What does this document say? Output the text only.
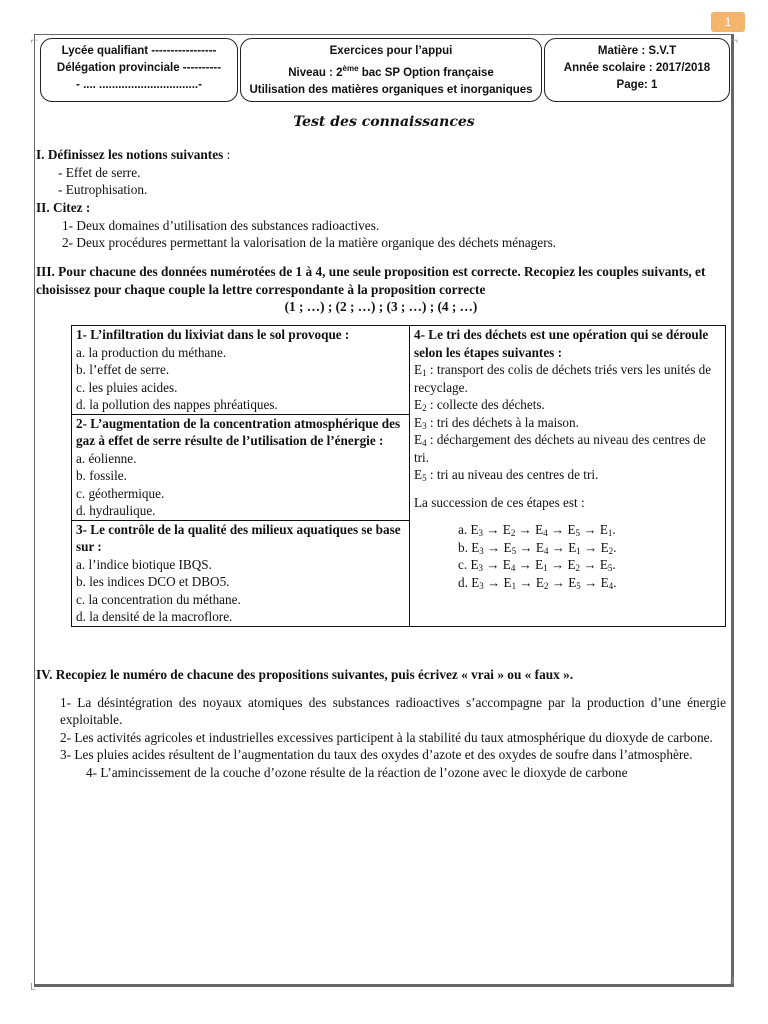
1
⌐	¬
L	┘
Lycée qualifiant -----------------
Délégation provinciale ----------
- .... ...............................-
Exercices pour l’appui
Niveau : 2ème bac SP Option française
Utilisation des matières organiques et inorganiques
Matière : S.V.T
Année scolaire : 2017/2018
Page: 1
Test des connaissances
I. Définissez les notions suivantes :
- Effet de serre.
- Eutrophisation.
II. Citez :
1- Deux domaines d’utilisation des substances radioactives.
2- Deux procédures permettant la valorisation de la matière organique des déchets ménagers.
III. Pour chacune des données numérotées de 1 à 4, une seule proposition est correcte. Recopiez les couples suivants, et choisissez pour chaque couple la lettre correspondante à la proposition correcte
(1 ; …) ; (2 ; …) ; (3 ; …) ; (4 ; …)
1- L’infiltration du lixiviat dans le sol provoque :
a. la production du méthane.
b. l’effet de serre.
c. les pluies acides.
d. la pollution des nappes phréatiques.

4- Le tri des déchets est une opération qui se déroule selon les étapes suivantes :
$E_1$ : transport des colis de déchets triés vers les unités de recyclage.
$E_2$ : collecte des déchets.
$E_3$ : tri des déchets à la maison.
$E_4$ : déchargement des déchets au niveau des centres de tri.
$E_5$ : tri au niveau des centres de tri.
La succession de ces étapes est :
a. $E_3 \to E_2 \to E_4 \to E_5 \to E_1$.
b. $E_3 \to E_5 \to E_4 \to E_1 \to E_2$.
c. $E_3 \to E_4 \to E_1 \to E_2 \to E_5$.
d. $E_3 \to E_1 \to E_2 \to E_5 \to E_4$.

2- L’augmentation de la concentration atmosphérique des gaz à effet de serre résulte de l’utilisation de l’énergie :
a. éolienne.
b. fossile.
c. géothermique.
d. hydraulique.

3- Le contrôle de la qualité des milieux aquatiques se base sur :
a. l’indice biotique IBQS.
b. les indices DCO et DBO5.
c. la concentration du méthane.
d. la densité de la macroflore.
IV. Recopiez le numéro de chacune des propositions suivantes, puis écrivez « vrai » ou « faux ».
1- La désintégration des noyaux atomiques des substances radioactives s’accompagne par la production d’une énergie exploitable.
2- Les activités agricoles et industrielles excessives participent à la stabilité du taux atmosphérique du dioxyde de carbone.
3- Les pluies acides résultent de l’augmentation du taux des oxydes d’azote et des oxydes de soufre dans l’atmosphère.
4- L’amincissement de la couche d’ozone résulte de la réaction de l’ozone avec le dioxyde de carbone
